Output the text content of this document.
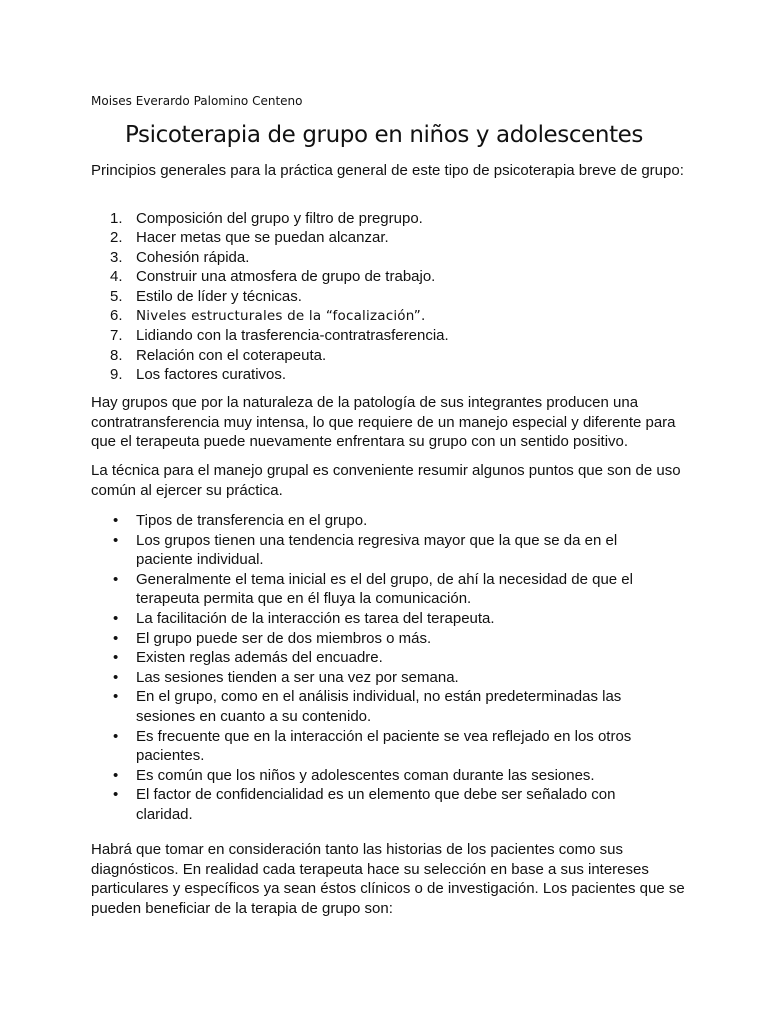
Moises Everardo Palomino Centeno
Psicoterapia de grupo en niños y adolescentes
Principios generales para la práctica general de este tipo de psicoterapia breve de grupo:
1. Composición del grupo y filtro de pregrupo.
2. Hacer metas que se puedan alcanzar.
3. Cohesión rápida.
4. Construir una atmosfera de grupo de trabajo.
5. Estilo de líder y técnicas.
6. Niveles estructurales de la “focalización”.
7. Lidiando con la trasferencia-contratrasferencia.
8. Relación con el coterapeuta.
9. Los factores curativos.
Hay grupos que por la naturaleza de la patología de sus integrantes producen una contratransferencia muy intensa, lo que requiere de un manejo especial y diferente para que el terapeuta puede nuevamente enfrentara su grupo con un sentido positivo.
La técnica para el manejo grupal es conveniente resumir algunos puntos que son de uso común al ejercer su práctica.
• Tipos de transferencia en el grupo.
• Los grupos tienen una tendencia regresiva mayor que la que se da en el paciente individual.
• Generalmente el tema inicial es el del grupo, de ahí la necesidad de que el terapeuta permita que en él fluya la comunicación.
• La facilitación de la interacción es tarea del terapeuta.
• El grupo puede ser de dos miembros o más.
• Existen reglas además del encuadre.
• Las sesiones tienden a ser una vez por semana.
• En el grupo, como en el análisis individual, no están predeterminadas las sesiones en cuanto a su contenido.
• Es frecuente que en la interacción el paciente se vea reflejado en los otros pacientes.
• Es común que los niños y adolescentes coman durante las sesiones.
• El factor de confidencialidad es un elemento que debe ser señalado con claridad.
Habrá que tomar en consideración tanto las historias de los pacientes como sus diagnósticos. En realidad cada terapeuta hace su selección en base a sus intereses particulares y específicos ya sean éstos clínicos o de investigación. Los pacientes que se pueden beneficiar de la terapia de grupo son:
